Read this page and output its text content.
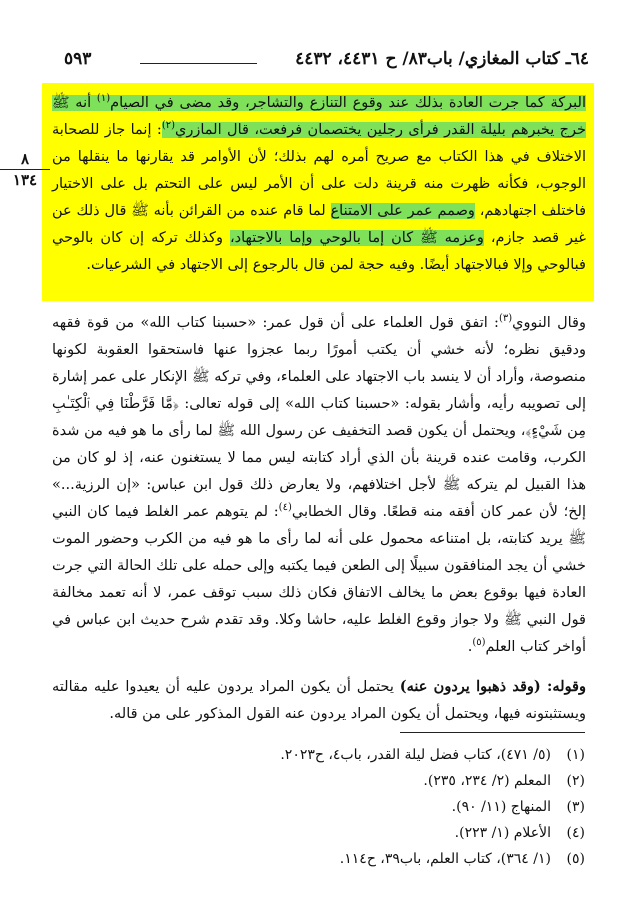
٦٤ـ كتاب المغازي/ باب٨٣/ ح ٤٤٣١، ٤٤٣٢
٥٩٣
٨
١٣٤
البركة كما جرت العادة بذلك عند وقوع التنازع والتشاجر، وقد مضى في الصيام$^{(١)}$ أنه ﷺ خرج يخبرهم بليلة القدر فرأى رجلين يختصمان فرفعت، قال المازري$^{(٢)}$: إنما جاز للصحابة الاختلاف في هذا الكتاب مع صريح أمره لهم بذلك؛ لأن الأوامر قد يقارنها ما ينقلها من الوجوب، فكأنه ظهرت منه قرينة دلت على أن الأمر ليس على التحتم بل على الاختيار فاختلف اجتهادهم، وصمم عمر على الامتناع لما قام عنده من القرائن بأنه ﷺ قال ذلك عن غير قصد جازم، وعزمه ﷺ كان إما بالوحي وإما بالاجتهاد، وكذلك تركه إن كان بالوحي فبالوحي وإلا فبالاجتهاد أيضًا. وفيه حجة لمن قال بالرجوع إلى الاجتهاد في الشرعيات.
وقال النووي$^{(٣)}$: اتفق قول العلماء على أن قول عمر: «حسبنا كتاب الله» من قوة فقهه ودقيق نظره؛ لأنه خشي أن يكتب أمورًا ربما عجزوا عنها فاستحقوا العقوبة لكونها منصوصة، وأراد أن لا ينسد باب الاجتهاد على العلماء، وفي تركه ﷺ الإنكار على عمر إشارة إلى تصويبه رأيه، وأشار بقوله: «حسبنا كتاب الله» إلى قوله تعالى: ﴿مَّا فَرَّطْنَا فِي ٱلْكِتَـٰبِ مِن شَيْءٍ﴾، ويحتمل أن يكون قصد التخفيف عن رسول الله ﷺ لما رأى ما هو فيه من شدة الكرب، وقامت عنده قرينة بأن الذي أراد كتابته ليس مما لا يستغنون عنه، إذ لو كان من هذا القبيل لم يتركه ﷺ لأجل اختلافهم، ولا يعارض ذلك قول ابن عباس: «إن الرزية...» إلخ؛ لأن عمر كان أفقه منه قطعًا. وقال الخطابي$^{(٤)}$: لم يتوهم عمر الغلط فيما كان النبي ﷺ يريد كتابته، بل امتناعه محمول على أنه لما رأى ما هو فيه من الكرب وحضور الموت خشي أن يجد المنافقون سبيلًا إلى الطعن فيما يكتبه وإلى حمله على تلك الحالة التي جرت العادة فيها بوقوع بعض ما يخالف الاتفاق فكان ذلك سبب توقف عمر، لا أنه تعمد مخالفة قول النبي ﷺ ولا جواز وقوع الغلط عليه، حاشا وكلا. وقد تقدم شرح حديث ابن عباس في أواخر كتاب العلم$^{(٥)}$.
وقوله: (وقد ذهبوا يردون عنه) يحتمل أن يكون المراد يردون عليه أن يعيدوا عليه مقالته ويستثبتونه فيها، ويحتمل أن يكون المراد يردون عنه القول المذكور على من قاله.
(١)(٥/ ٤٧١)، كتاب فضل ليلة القدر، باب٤، ح٢٠٢٣.
(٢)المعلم (٢/ ٢٣٤، ٢٣٥).
(٣)المنهاج (١١/ ٩٠).
(٤)الأعلام (١/ ٢٢٣).
(٥)(١/ ٣٦٤)، كتاب العلم، باب٣٩، ح١١٤.
